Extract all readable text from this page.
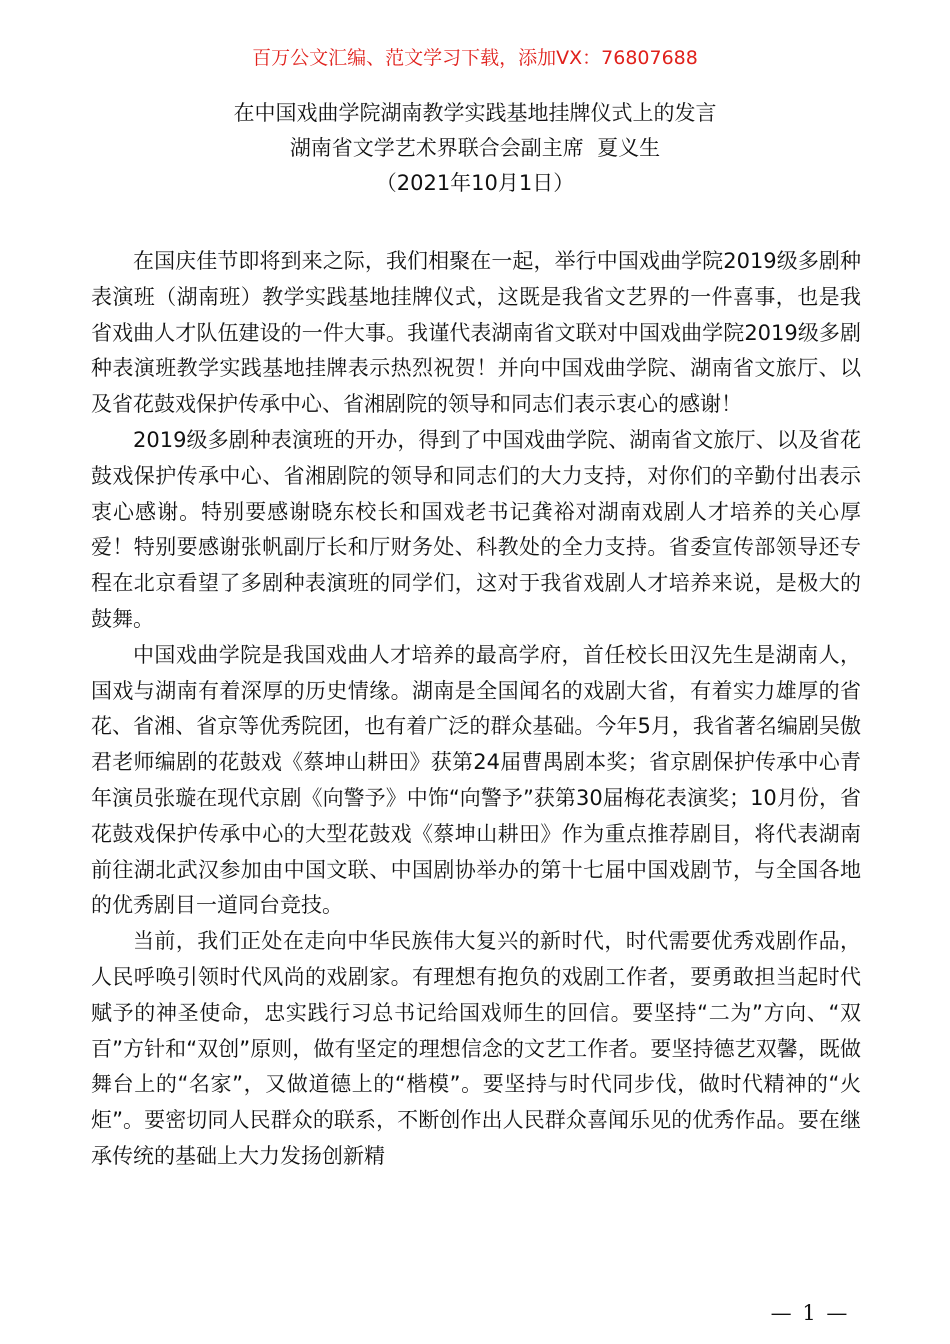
百万公文汇编、范文学习下载，添加VX：76807688
在中国戏曲学院湖南教学实践基地挂牌仪式上的发言
湖南省文学艺术界联合会副主席  夏义生
（2021年10月1日）

在国庆佳节即将到来之际，我们相聚在一起，举行中国戏曲学院2019级多剧种表演班（湖南班）教学实践基地挂牌仪式，这既是我省文艺界的一件喜事，也是我省戏曲人才队伍建设的一件大事。我谨代表湖南省文联对中国戏曲学院2019级多剧种表演班教学实践基地挂牌表示热烈祝贺！并向中国戏曲学院、湖南省文旅厅、以及省花鼓戏保护传承中心、省湘剧院的领导和同志们表示衷心的感谢！

2019级多剧种表演班的开办，得到了中国戏曲学院、湖南省文旅厅、以及省花鼓戏保护传承中心、省湘剧院的领导和同志们的大力支持，对你们的辛勤付出表示衷心感谢。特别要感谢晓东校长和国戏老书记龚裕对湖南戏剧人才培养的关心厚爱！特别要感谢张帆副厅长和厅财务处、科教处的全力支持。省委宣传部领导还专程在北京看望了多剧种表演班的同学们，这对于我省戏剧人才培养来说，是极大的鼓舞。

中国戏曲学院是我国戏曲人才培养的最高学府，首任校长田汉先生是湖南人，国戏与湖南有着深厚的历史情缘。湖南是全国闻名的戏剧大省，有着实力雄厚的省花、省湘、省京等优秀院团，也有着广泛的群众基础。今年5月，我省著名编剧吴傲君老师编剧的花鼓戏《蔡坤山耕田》获第24届曹禺剧本奖；省京剧保护传承中心青年演员张璇在现代京剧《向警予》中饰“向警予”获第30届梅花表演奖；10月份，省花鼓戏保护传承中心的大型花鼓戏《蔡坤山耕田》作为重点推荐剧目，将代表湖南前往湖北武汉参加由中国文联、中国剧协举办的第十七届中国戏剧节，与全国各地的优秀剧目一道同台竞技。

当前，我们正处在走向中华民族伟大复兴的新时代，时代需要优秀戏剧作品，人民呼唤引领时代风尚的戏剧家。有理想有抱负的戏剧工作者，要勇敢担当起时代赋予的神圣使命，忠实践行习总书记给国戏师生的回信。要坚持“二为”方向、“双百”方针和“双创”原则，做有坚定的理想信念的文艺工作者。要坚持德艺双馨，既做舞台上的“名家”，又做道德上的“楷模”。要坚持与时代同步伐，做时代精神的“火炬”。要密切同人民群众的联系，不断创作出人民群众喜闻乐见的优秀作品。要在继承传统的基础上大力发扬创新精

— 1 —
